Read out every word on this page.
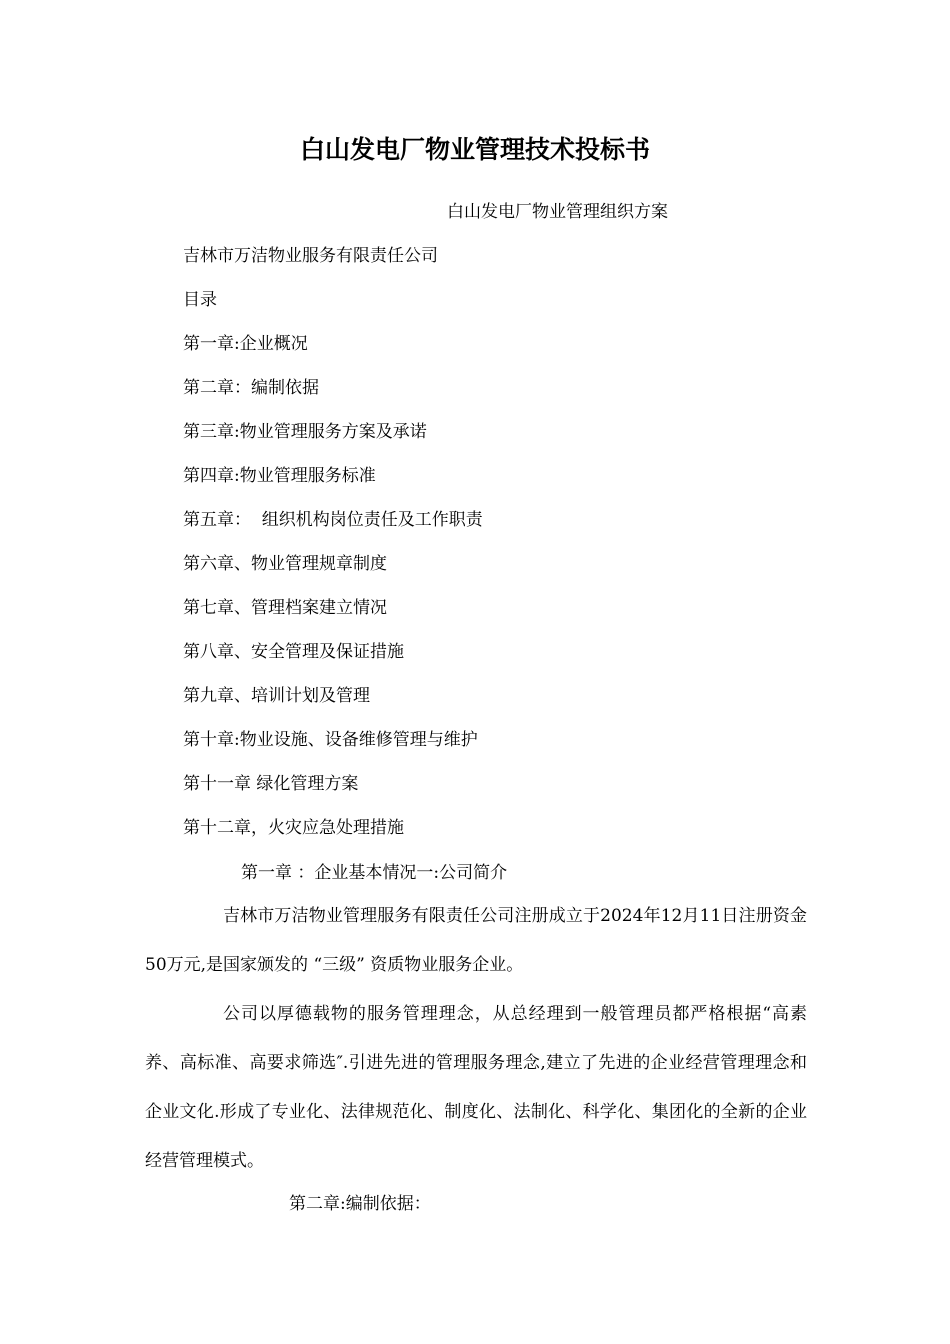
白山发电厂物业管理技术投标书
白山发电厂物业管理组织方案
吉林市万洁物业服务有限责任公司
目录
第一章:企业概况
第二章：编制依据
第三章:物业管理服务方案及承诺
第四章:物业管理服务标准
第五章：  组织机构岗位责任及工作职责
第六章、物业管理规章制度
第七章、管理档案建立情况
第八章、安全管理及保证措施
第九章、培训计划及管理
第十章:物业设施、设备维修管理与维护
第十一章 绿化管理方案
第十二章，火灾应急处理措施
第一章 ：企业基本情况一:公司简介
吉林市万洁物业管理服务有限责任公司注册成立于2024年12月11日注册资金50万元,是国家颁发的 “三级” 资质物业服务企业。
公司以厚德载物的服务管理理念，从总经理到一般管理员都严格根据“高素养、高标准、高要求筛选″.引进先进的管理服务理念,建立了先进的企业经营管理理念和企业文化.形成了专业化、法律规范化、制度化、法制化、科学化、集团化的全新的企业经营管理模式。
第二章:编制依据：
